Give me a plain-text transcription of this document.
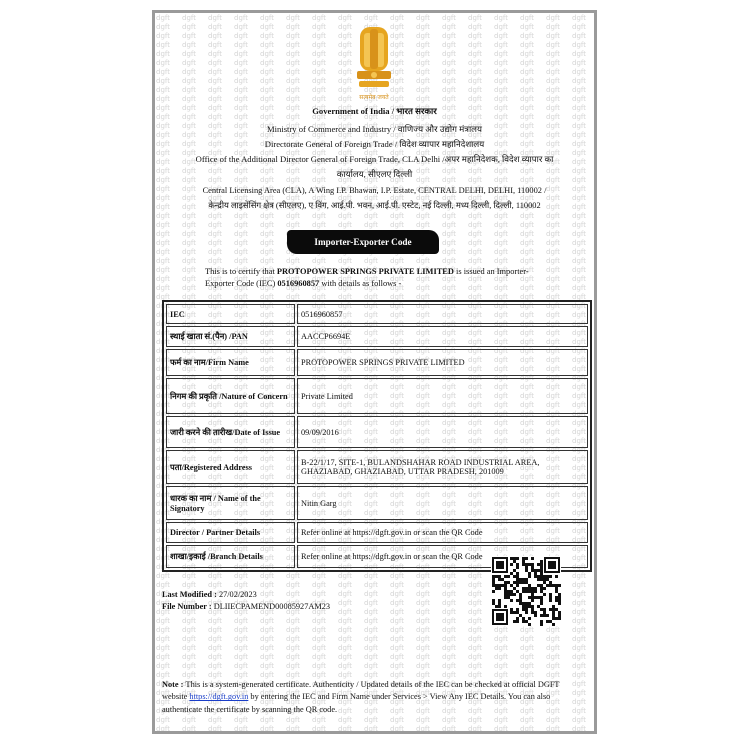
सत्यमेव जयते
Government of India / भारत सरकार
Ministry of Commerce and Industry / वाणिज्य और उद्योग मंत्रालय
Directorate General of Foreign Trade / विदेश व्यापार महानिदेशालय
Office of the Additional Director General of Foreign Trade, CLA Delhi /अपर महानिदेशक, विदेश व्यापार का
कार्यालय, सीएलए दिल्ली
Central Licensing Area (CLA), A Wing I.P. Bhawan, I.P. Estate, CENTRAL DELHI, DELHI, 110002 /
केन्द्रीय लाइसेंसिंग क्षेत्र (सीएलए), ए विंग, आई.पी. भवन, आई.पी. एस्टेट, नई दिल्ली, मध्य दिल्ली, दिल्ली, 110002
Importer-Exporter Code
This is to certify that PROTOPOWER SPRINGS PRIVATE LIMITED is issued an Importer-Exporter Code (IEC) 0516960857 with details as follows -
IEC	0516960857
स्थाई खाता सं.(पैन) /PAN	AACCP6694E
फर्म का नाम/Firm Name	PROTOPOWER SPRINGS PRIVATE LIMITED
निगम की प्रकृति /Nature of Concern	Private Limited
जारी करने की तारीख/Date of Issue	09/09/2016
पता/Registered Address	B-22/1/17, SITE-1, BULANDSHAHAR ROAD INDUSTRIAL AREA, GHAZIABAD, GHAZIABAD, UTTAR PRADESH, 201009
धारक का नाम / Name of the Signatory	Nitin Garg
Director / Partner Details	Refer online at https://dgft.gov.in or scan the QR Code
शाखा/इकाई /Branch Details	Refer online at https://dgft.gov.in or scan the QR Code
Last Modified : 27/02/2023
File Number : DLIIECPAMEND00085927AM23
Note : This is a system-generated certificate. Authenticity / Updated details of the IEC can be checked at official DGFT website https://dgft.gov.in by entering the IEC and Firm Name under Services > View Any IEC Details. You can also authenticate the certificate by scanning the QR code.
